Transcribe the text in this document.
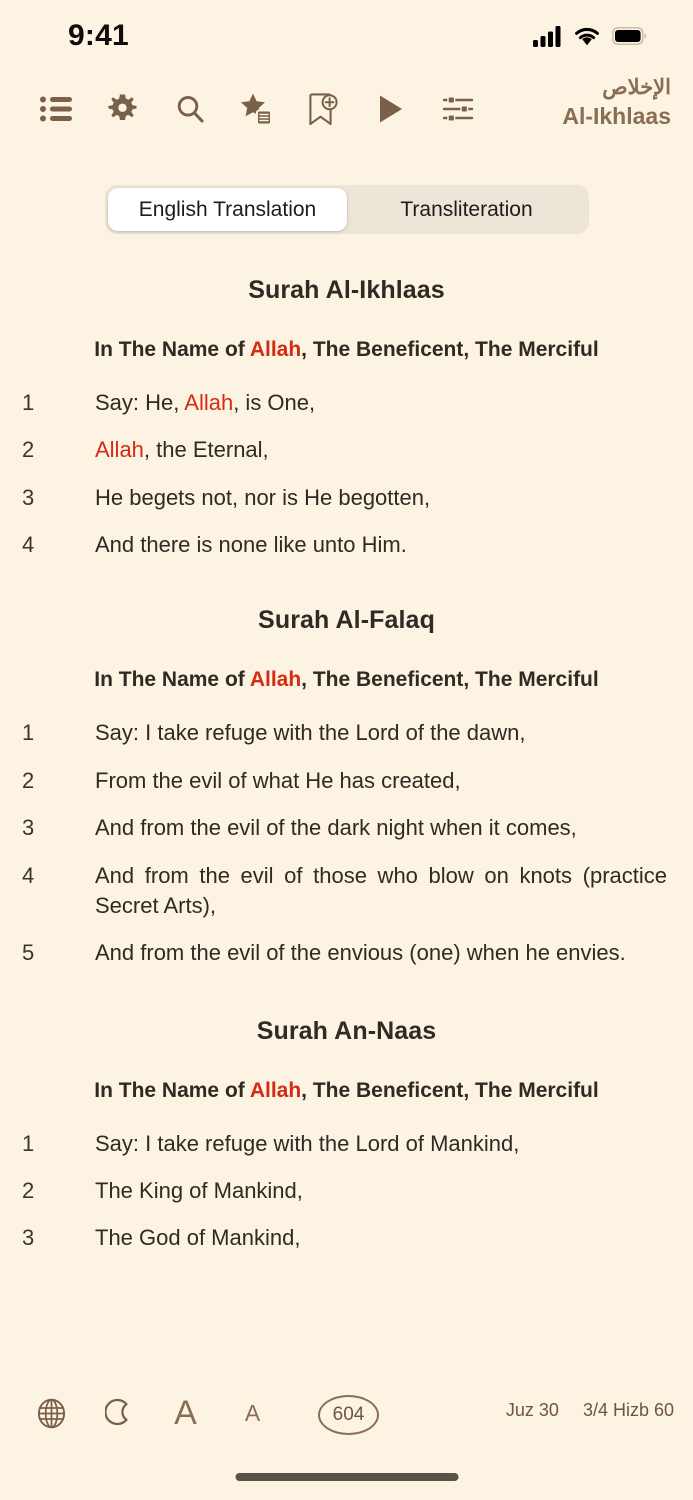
9:41
الإخلاص
Al-Ikhlaas
English Translation	Transliteration
Surah Al-Ikhlaas
In The Name of Allah, The Beneficent, The Merciful
1	Say: He, Allah, is One,
2	Allah, the Eternal,
3	He begets not, nor is He begotten,
4	And there is none like unto Him.
Surah Al-Falaq
In The Name of Allah, The Beneficent, The Merciful
1	Say: I take refuge with the Lord of the dawn,
2	From the evil of what He has created,
3	And from the evil of the dark night when it comes,
4	And from the evil of those who blow on knots (practice Secret Arts),
5	And from the evil of the envious (one) when he envies.
Surah An-Naas
In The Name of Allah, The Beneficent, The Merciful
1	Say: I take refuge with the Lord of Mankind,
2	The King of Mankind,
3	The God of Mankind,
A A	604	Juz 30 3/4 Hizb 60
